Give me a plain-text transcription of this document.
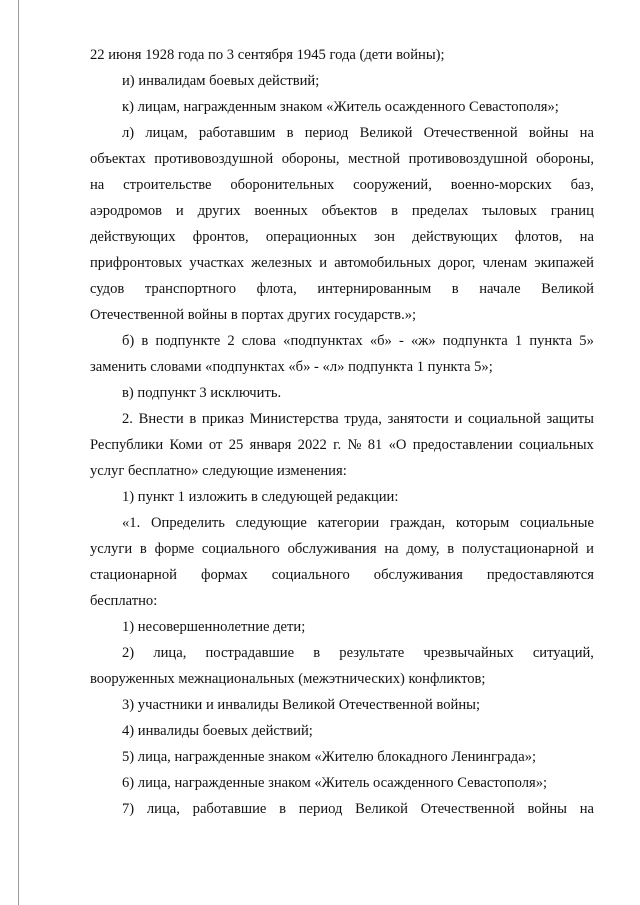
22 июня 1928 года по 3 сентября 1945 года (дети войны);
и) инвалидам боевых действий;
к) лицам, награжденным знаком «Житель осажденного Севастополя»;
л) лицам, работавшим в период Великой Отечественной войны на
объектах противовоздушной обороны, местной противовоздушной обороны,
на строительстве оборонительных сооружений, военно-морских баз,
аэродромов и других военных объектов в пределах тыловых границ
действующих фронтов, операционных зон действующих флотов, на
прифронтовых участках железных и автомобильных дорог, членам экипажей
судов транспортного флота, интернированным в начале Великой
Отечественной войны в портах других государств.»;
б) в подпункте 2 слова «подпунктах «б» - «ж» подпункта 1 пункта 5»
заменить словами «подпунктах «б» - «л» подпункта 1 пункта 5»;
в) подпункт 3 исключить.
2. Внести в приказ Министерства труда, занятости и социальной защиты
Республики Коми от 25 января 2022 г. № 81 «О предоставлении социальных
услуг бесплатно» следующие изменения:
1) пункт 1 изложить в следующей редакции:
«1. Определить следующие категории граждан, которым социальные
услуги в форме социального обслуживания на дому, в полустационарной и
стационарной формах социального обслуживания предоставляются
бесплатно:
1) несовершеннолетние дети;
2) лица, пострадавшие в результате чрезвычайных ситуаций,
вооруженных межнациональных (межэтнических) конфликтов;
3) участники и инвалиды Великой Отечественной войны;
4) инвалиды боевых действий;
5) лица, награжденные знаком «Жителю блокадного Ленинграда»;
6) лица, награжденные знаком «Житель осажденного Севастополя»;
7) лица, работавшие в период Великой Отечественной войны на
